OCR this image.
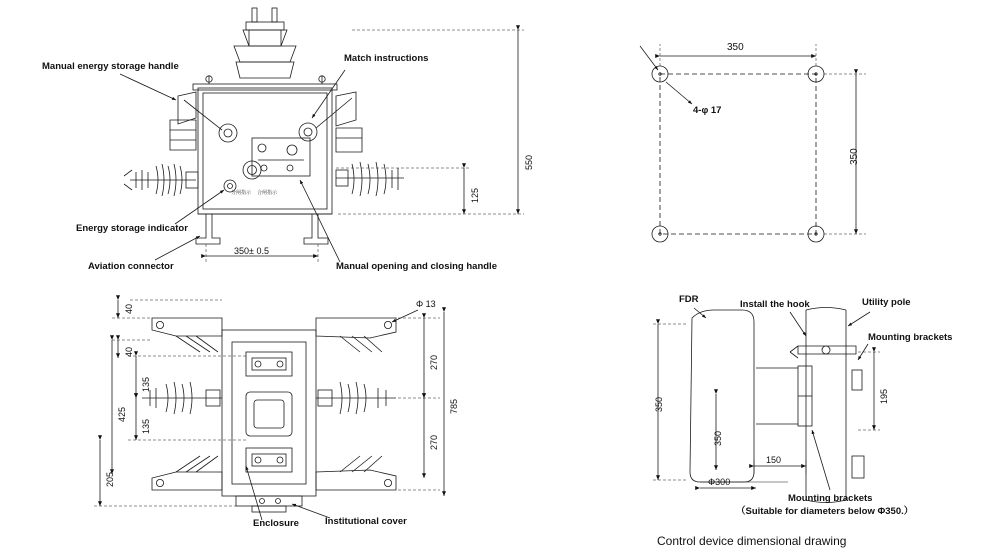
Manual energy storage handle
Match instructions
Energy storage indicator
Aviation connector	Manual opening and closing handle
550
125
350± 0.5
分闸指示 合闸指示
Enclosure	Institutional cover
Φ 13
40
40
135
135
425
205
270
270
785
350
350
4-φ 17
FDR	Install the hook	Utility pole
Mounting brackets
Mounting brackets
（Suitable for diameters below Φ350.）
350
350
195
150
Φ300
Control device dimensional drawing
